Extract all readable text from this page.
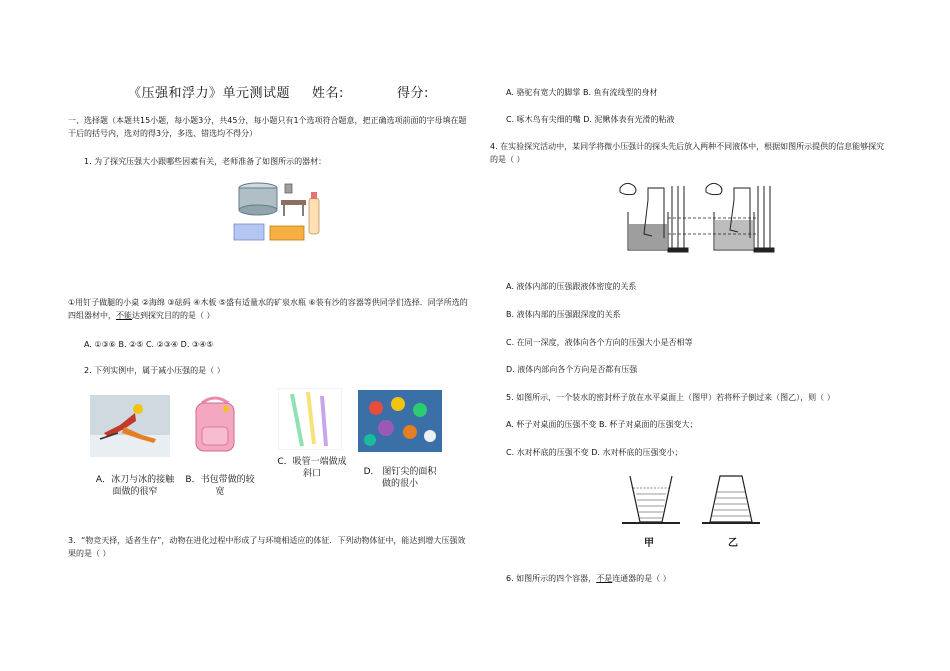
《压强和浮力》单元测试题 姓名:	得分:
一、选择题（本题共15小题，每小题3分，共45分，每小题只有1个选项符合题意，把正确选项前面的字母填在题干后的括号内，选对的得3分，多选、错选均不得分）
1. 为了探究压强大小跟哪些因素有关，老师准备了如图所示的器材：
①用钉子做腿的小桌 ②海绵 ③砝码 ④木板 ⑤盛有适量水的矿泉水瓶 ⑥装有沙的容器等供同学们选择．同学所选的四组器材中，不能达到探究目的的是（ ）
A. ①③⑥ B. ②⑤ C. ②③④ D. ③④⑤
2. 下列实例中，属于减小压强的是（ ）
A．冰刀与冰的接触面做的很窄
B．书包带做的较宽
C．吸管一端做成斜口	D． 图钉尖的面积做的很小
3．“物竞天择，适者生存”，动物在进化过程中形成了与环境相适应的体征．下列动物体征中，能达到增大压强效果的是（ ）
A. 骆驼有宽大的脚掌 B. 鱼有流线型的身材
C. 啄木鸟有尖细的嘴 D. 泥鳅体表有光滑的粘液
4. 在实验探究活动中，某同学将微小压强计的探头先后放入两种不同液体中，根据如图所示提供的信息能够探究的是（ ）
A. 液体内部的压强跟液体密度的关系
B. 液体内部的压强跟深度的关系
C. 在同一深度，液体向各个方向的压强大小是否相等
D. 液体内部向各个方向是否都有压强
5. 如图所示，一个装水的密封杯子放在水平桌面上（图甲）若将杯子倒过来（图乙），则（ ）
A. 杯子对桌面的压强不变 B. 杯子对桌面的压强变大；
C. 水对杯底的压强不变 D. 水对杯底的压强变小；
甲	乙
6. 如图所示的四个容器，不是连通器的是（ ）
